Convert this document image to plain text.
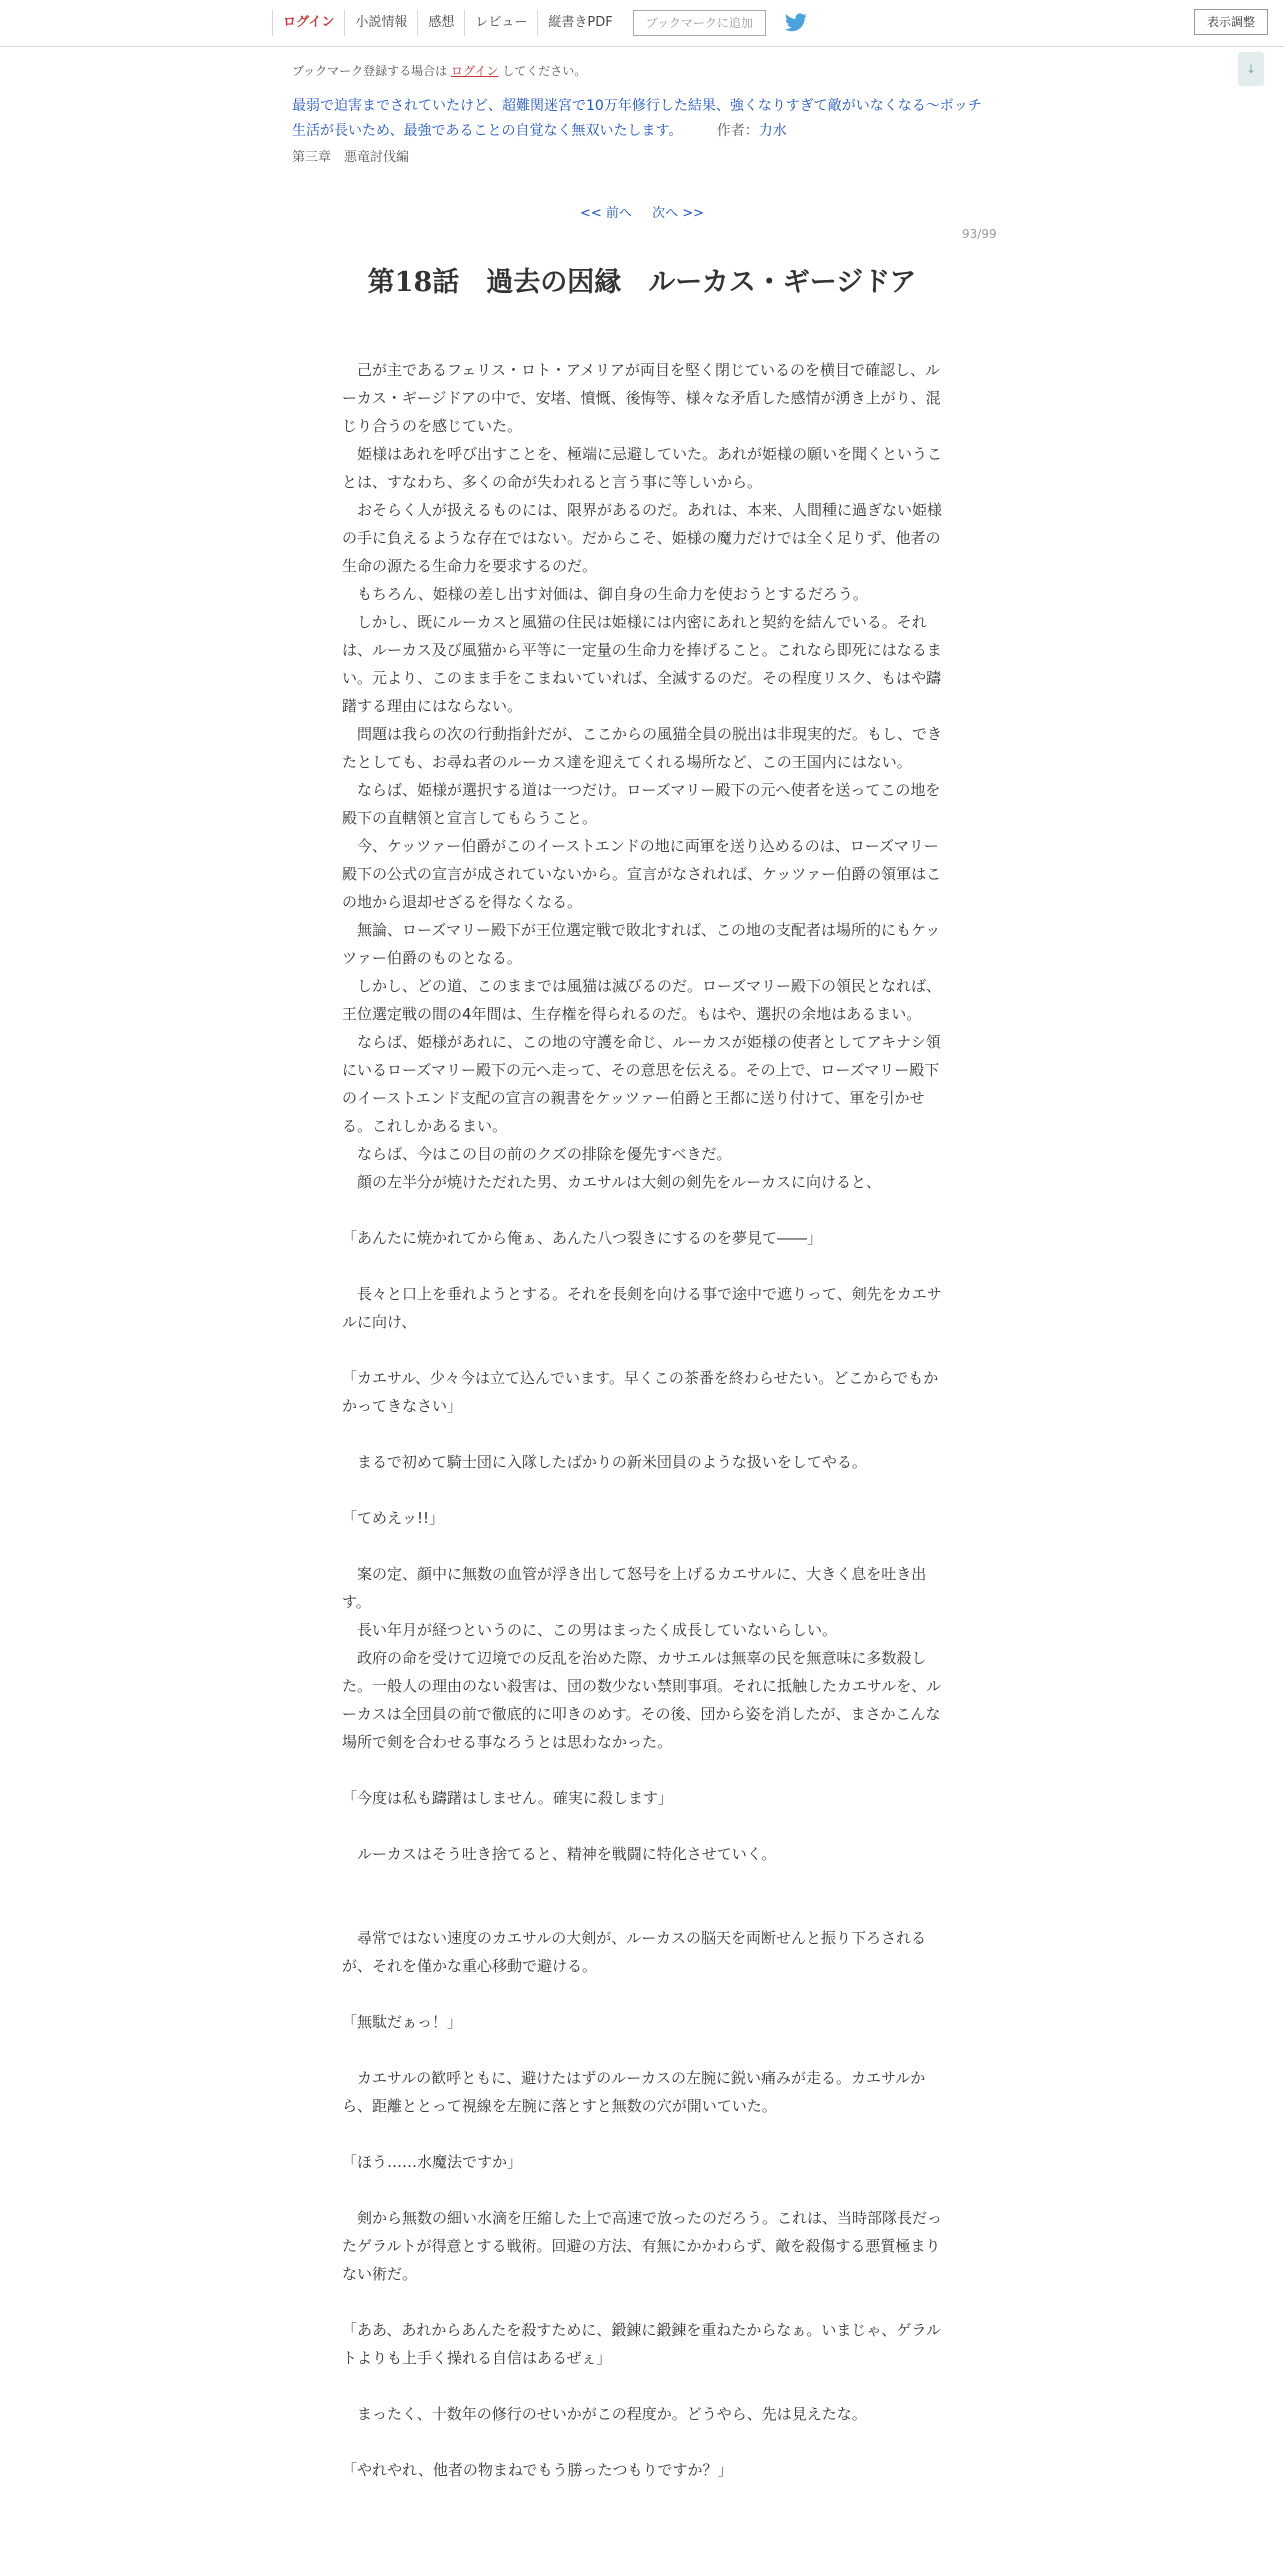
ログイン	小説情報	感想	レビュー	縦書きPDF	ブックマークに追加	表示調整
↓
ブックマーク登録する場合は ログイン してください。
最弱で迫害までされていたけど、超難関迷宮で10万年修行した結果、強くなりすぎて敵がいなくなる～ボッチ生活が長いため、最強であることの自覚なく無双いたします。 作者：力水
第三章　悪竜討伐編
<< 前へ 次へ >>
93/99
第18話　過去の因縁　ルーカス・ギージドア

　己が主であるフェリス・ロト・アメリアが両目を堅く閉じているのを横目で確認し、ルーカス・ギージドアの中で、安堵、憤慨、後悔等、様々な矛盾した感情が湧き上がり、混じり合うのを感じていた。

　姫様はあれを呼び出すことを、極端に忌避していた。あれが姫様の願いを聞くということは、すなわち、多くの命が失われると言う事に等しいから。

　おそらく人が扱えるものには、限界があるのだ。あれは、本来、人間種に過ぎない姫様の手に負えるような存在ではない。だからこそ、姫様の魔力だけでは全く足りず、他者の生命の源たる生命力を要求するのだ。

　もちろん、姫様の差し出す対価は、御自身の生命力を使おうとするだろう。

　しかし、既にルーカスと風猫の住民は姫様には内密にあれと契約を結んでいる。それは、ルーカス及び風猫から平等に一定量の生命力を捧げること。これなら即死にはなるまい。元より、このまま手をこまねいていれば、全滅するのだ。その程度リスク、もはや躊躇する理由にはならない。

　問題は我らの次の行動指針だが、ここからの風猫全員の脱出は非現実的だ。もし、できたとしても、お尋ね者のルーカス達を迎えてくれる場所など、この王国内にはない。

　ならば、姫様が選択する道は一つだけ。ローズマリー殿下の元へ使者を送ってこの地を殿下の直轄領と宣言してもらうこと。

　今、ケッツァー伯爵がこのイーストエンドの地に両軍を送り込めるのは、ローズマリー殿下の公式の宣言が成されていないから。宣言がなされれば、ケッツァー伯爵の領軍はこの地から退却せざるを得なくなる。

　無論、ローズマリー殿下が王位選定戦で敗北すれば、この地の支配者は場所的にもケッツァー伯爵のものとなる。

　しかし、どの道、このままでは風猫は滅びるのだ。ローズマリー殿下の領民となれば、王位選定戦の間の4年間は、生存権を得られるのだ。もはや、選択の余地はあるまい。

　ならば、姫様があれに、この地の守護を命じ、ルーカスが姫様の使者としてアキナシ領にいるローズマリー殿下の元へ走って、その意思を伝える。その上で、ローズマリー殿下のイーストエンド支配の宣言の親書をケッツァー伯爵と王都に送り付けて、軍を引かせる。これしかあるまい。

　ならば、今はこの目の前のクズの排除を優先すべきだ。

　顔の左半分が焼けただれた男、カエサルは大剣の剣先をルーカスに向けると、

「あんたに焼かれてから俺ぁ、あんた八つ裂きにするのを夢見て――」

　長々と口上を垂れようとする。それを長剣を向ける事で途中で遮りって、剣先をカエサルに向け、

「カエサル、少々今は立て込んでいます。早くこの茶番を終わらせたい。どこからでもかかってきなさい」

　まるで初めて騎士団に入隊したばかりの新米団員のような扱いをしてやる。

「てめえッ!!」

　案の定、顔中に無数の血管が浮き出して怒号を上げるカエサルに、大きく息を吐き出す。

　長い年月が経つというのに、この男はまったく成長していないらしい。

　政府の命を受けて辺境での反乱を治めた際、カサエルは無辜の民を無意味に多数殺した。一般人の理由のない殺害は、団の数少ない禁則事項。それに抵触したカエサルを、ルーカスは全団員の前で徹底的に叩きのめす。その後、団から姿を消したが、まさかこんな場所で剣を合わせる事なろうとは思わなかった。

「今度は私も躊躇はしません。確実に殺します」

　ルーカスはそう吐き捨てると、精神を戦闘に特化させていく。

　尋常ではない速度のカエサルの大剣が、ルーカスの脳天を両断せんと振り下ろされるが、それを僅かな重心移動で避ける。

「無駄だぁっ！」

　カエサルの歓呼ともに、避けたはずのルーカスの左腕に鋭い痛みが走る。カエサルから、距離ととって視線を左腕に落とすと無数の穴が開いていた。

「ほう……水魔法ですか」

　剣から無数の細い水滴を圧縮した上で高速で放ったのだろう。これは、当時部隊長だったゲラルトが得意とする戦術。回避の方法、有無にかかわらず、敵を殺傷する悪質極まりない術だ。

「ああ、あれからあんたを殺すために、鍛錬に鍛錬を重ねたからなぁ。いまじゃ、ゲラルトよりも上手く操れる自信はあるぜぇ」

　まったく、十数年の修行のせいかがこの程度か。どうやら、先は見えたな。

「やれやれ、他者の物まねでもう勝ったつもりですか？」
